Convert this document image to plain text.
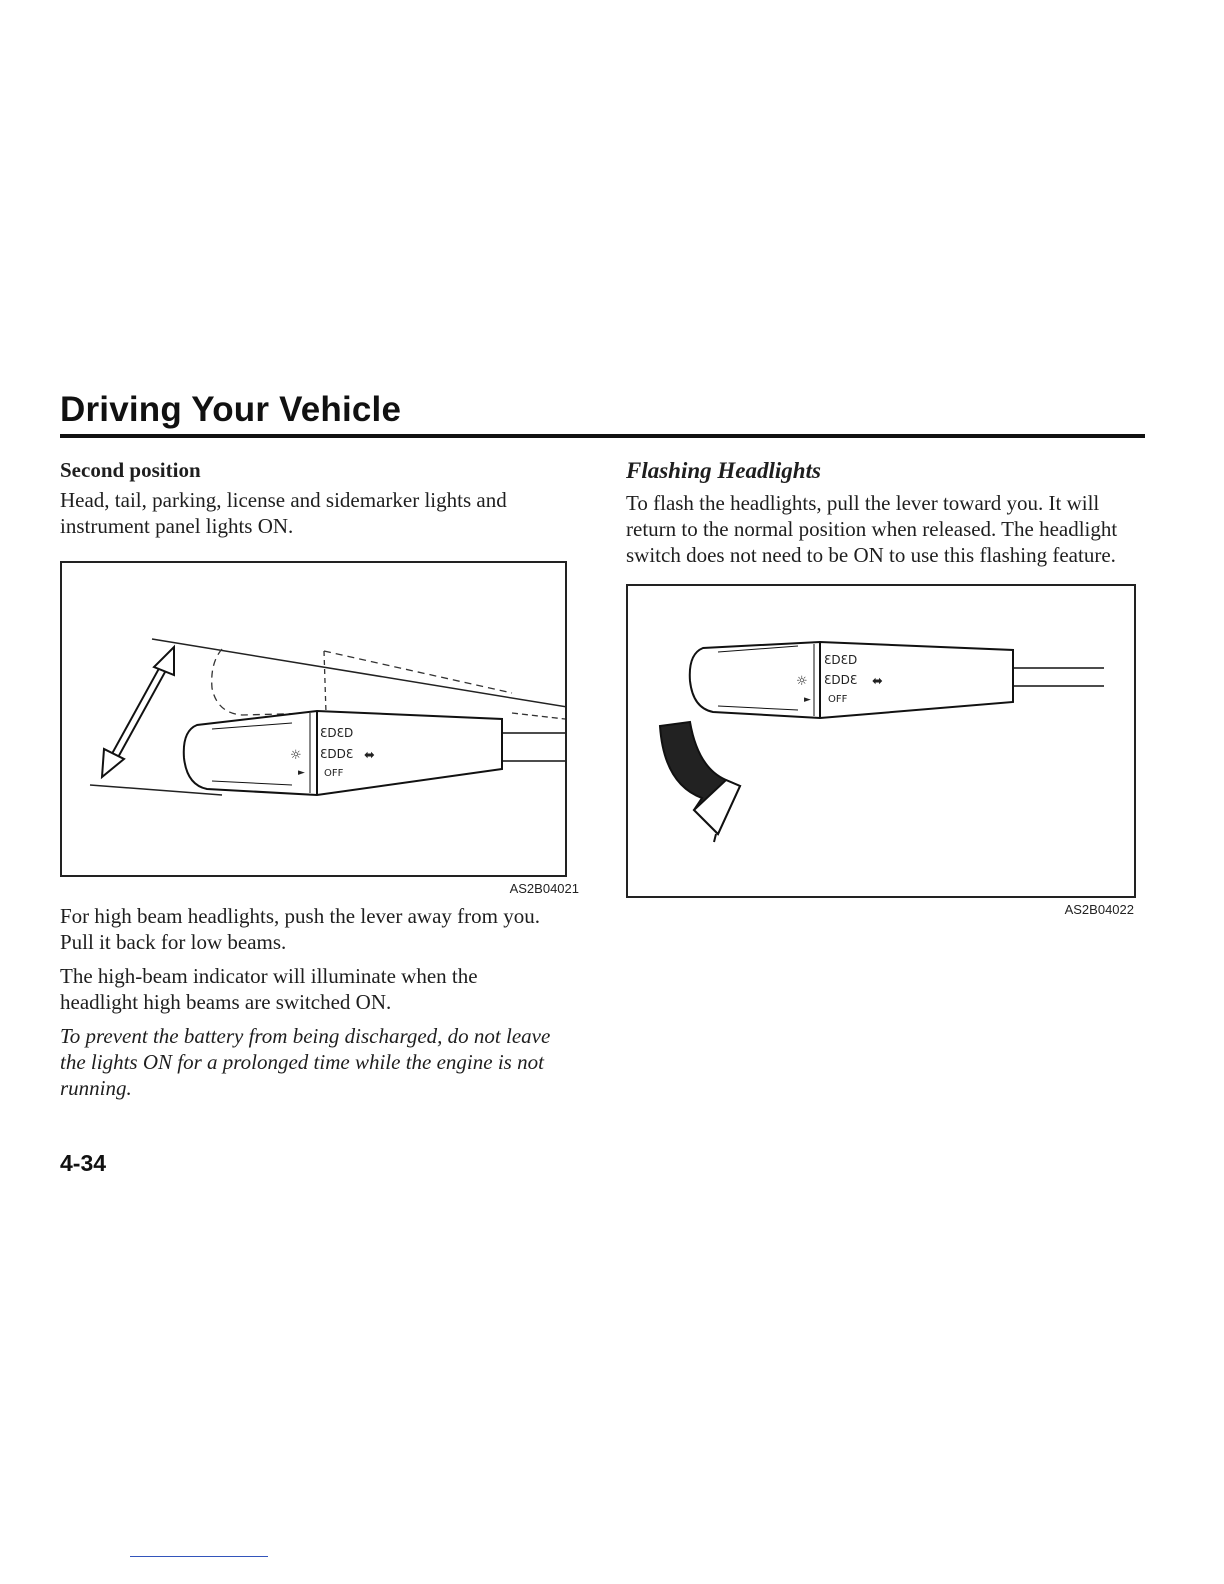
Driving Your Vehicle
Second position

Head, tail, parking, license and sidemarker lights and instrument panel lights ON.

ƐDƐD
ƐDDƐ
OFF
☼
►
⬌
AS2B04021

For high beam headlights, push the lever away from you. Pull it back for low beams.

The high-beam indicator will illuminate when the headlight high beams are switched ON.

To prevent the battery from being discharged, do not leave the lights ON for a prolonged time while the engine is not running.

Flashing Headlights

To flash the headlights, pull the lever toward you. It will return to the normal position when released. The headlight switch does not need to be ON to use this flashing feature.

ƐDƐD
ƐDDƐ
OFF
☼
►
⬌
AS2B04022

4-34
